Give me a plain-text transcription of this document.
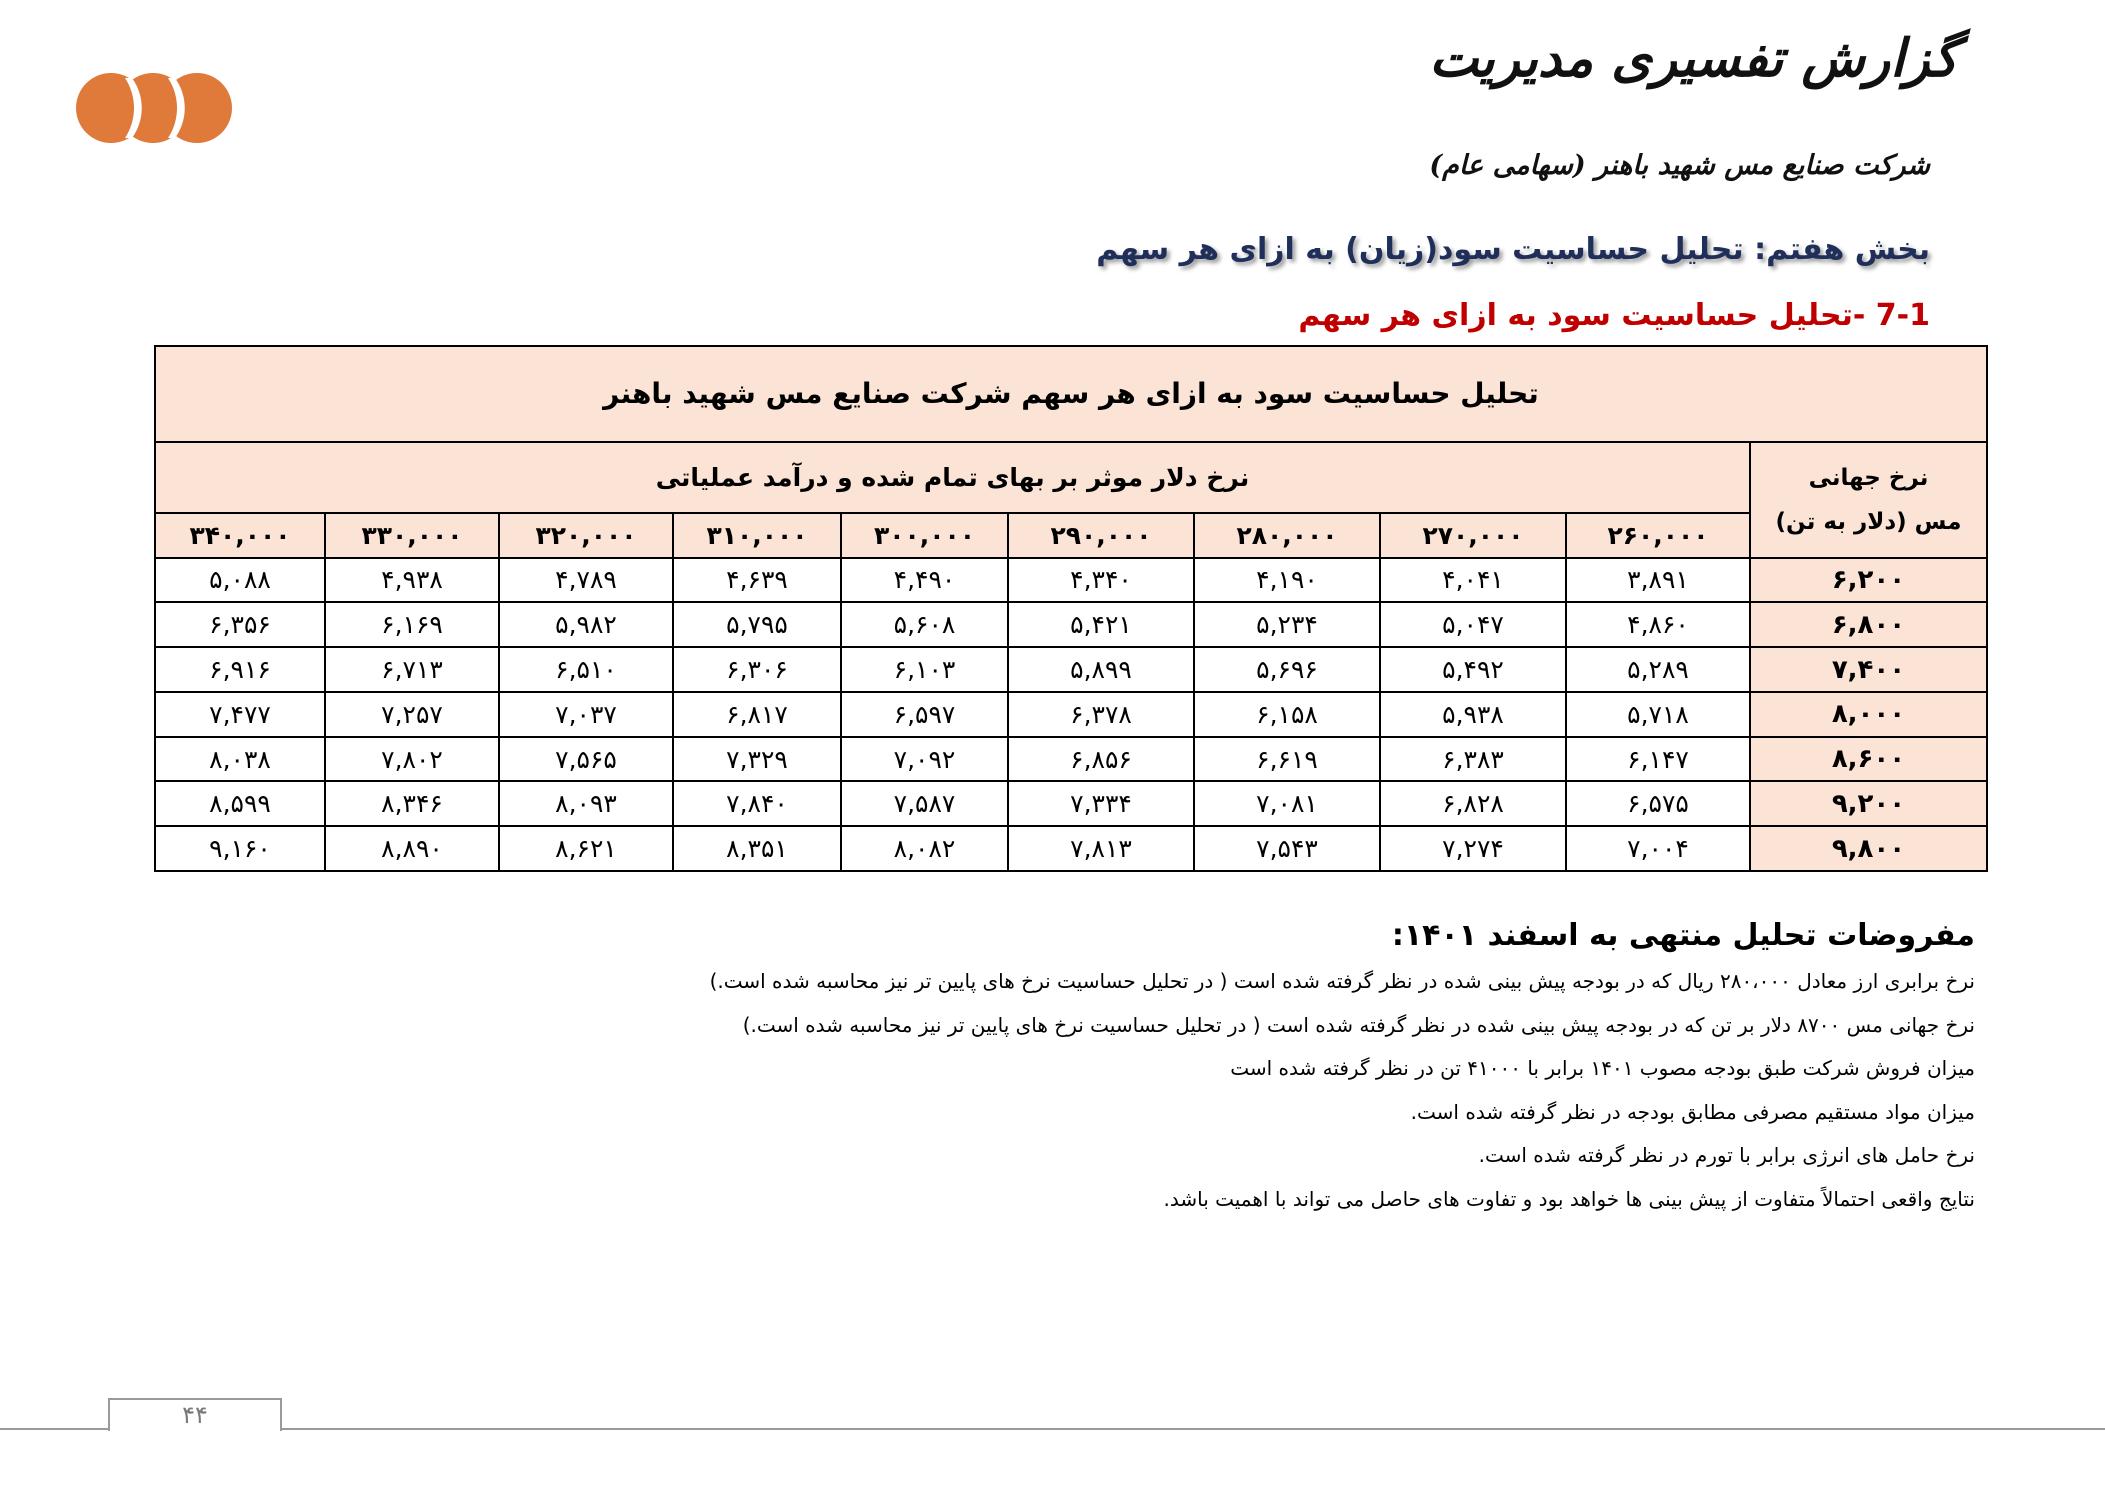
گزارش تفسیری مدیریت
شرکت صنایع مس شهید باهنر (سهامی عام)
بخش هفتم: تحلیل حساسیت سود(زیان) به ازای هر سهم
7-1 -تحلیل حساسیت سود به ازای هر سهم
تحلیل حساسیت سود به ازای هر سهم شرکت صنایع مس شهید باهنر									

نرخ جهانی
مس (دلار به تن)	نرخ دلار موثر بر بهای تمام شده و درآمد عملیاتی								
	۲۶۰,۰۰۰	۲۷۰,۰۰۰	۲۸۰,۰۰۰	۲۹۰,۰۰۰	۳۰۰,۰۰۰	۳۱۰,۰۰۰	۳۲۰,۰۰۰	۳۳۰,۰۰۰	۳۴۰,۰۰۰
۶,۲۰۰	۳,۸۹۱	۴,۰۴۱	۴,۱۹۰	۴,۳۴۰	۴,۴۹۰	۴,۶۳۹	۴,۷۸۹	۴,۹۳۸	۵,۰۸۸
۶,۸۰۰	۴,۸۶۰	۵,۰۴۷	۵,۲۳۴	۵,۴۲۱	۵,۶۰۸	۵,۷۹۵	۵,۹۸۲	۶,۱۶۹	۶,۳۵۶
۷,۴۰۰	۵,۲۸۹	۵,۴۹۲	۵,۶۹۶	۵,۸۹۹	۶,۱۰۳	۶,۳۰۶	۶,۵۱۰	۶,۷۱۳	۶,۹۱۶
۸,۰۰۰	۵,۷۱۸	۵,۹۳۸	۶,۱۵۸	۶,۳۷۸	۶,۵۹۷	۶,۸۱۷	۷,۰۳۷	۷,۲۵۷	۷,۴۷۷
۸,۶۰۰	۶,۱۴۷	۶,۳۸۳	۶,۶۱۹	۶,۸۵۶	۷,۰۹۲	۷,۳۲۹	۷,۵۶۵	۷,۸۰۲	۸,۰۳۸
۹,۲۰۰	۶,۵۷۵	۶,۸۲۸	۷,۰۸۱	۷,۳۳۴	۷,۵۸۷	۷,۸۴۰	۸,۰۹۳	۸,۳۴۶	۸,۵۹۹
۹,۸۰۰	۷,۰۰۴	۷,۲۷۴	۷,۵۴۳	۷,۸۱۳	۸,۰۸۲	۸,۳۵۱	۸,۶۲۱	۸,۸۹۰	۹,۱۶۰
مفروضات تحلیل منتهی به اسفند ۱۴۰۱:
نرخ برابری ارز معادل ۲۸۰،۰۰۰ ریال که در بودجه پیش بینی شده در نظر گرفته شده است ( در تحلیل حساسیت نرخ های پایین تر نیز محاسبه شده است.)
نرخ جهانی مس ۸۷۰۰ دلار بر تن که در بودجه پیش بینی شده در نظر گرفته شده است ( در تحلیل حساسیت نرخ های پایین تر نیز محاسبه شده است.)
میزان فروش شرکت طبق بودجه مصوب ۱۴۰۱ برابر با ۴۱۰۰۰ تن در نظر گرفته شده است
میزان مواد مستقیم مصرفی مطابق بودجه در نظر گرفته شده است.
نرخ حامل های انرژی برابر با تورم در نظر گرفته شده است.
نتایج واقعی احتمالاً متفاوت از پیش بینی ها خواهد بود و تفاوت های حاصل می تواند با اهمیت باشد.
۴۴
